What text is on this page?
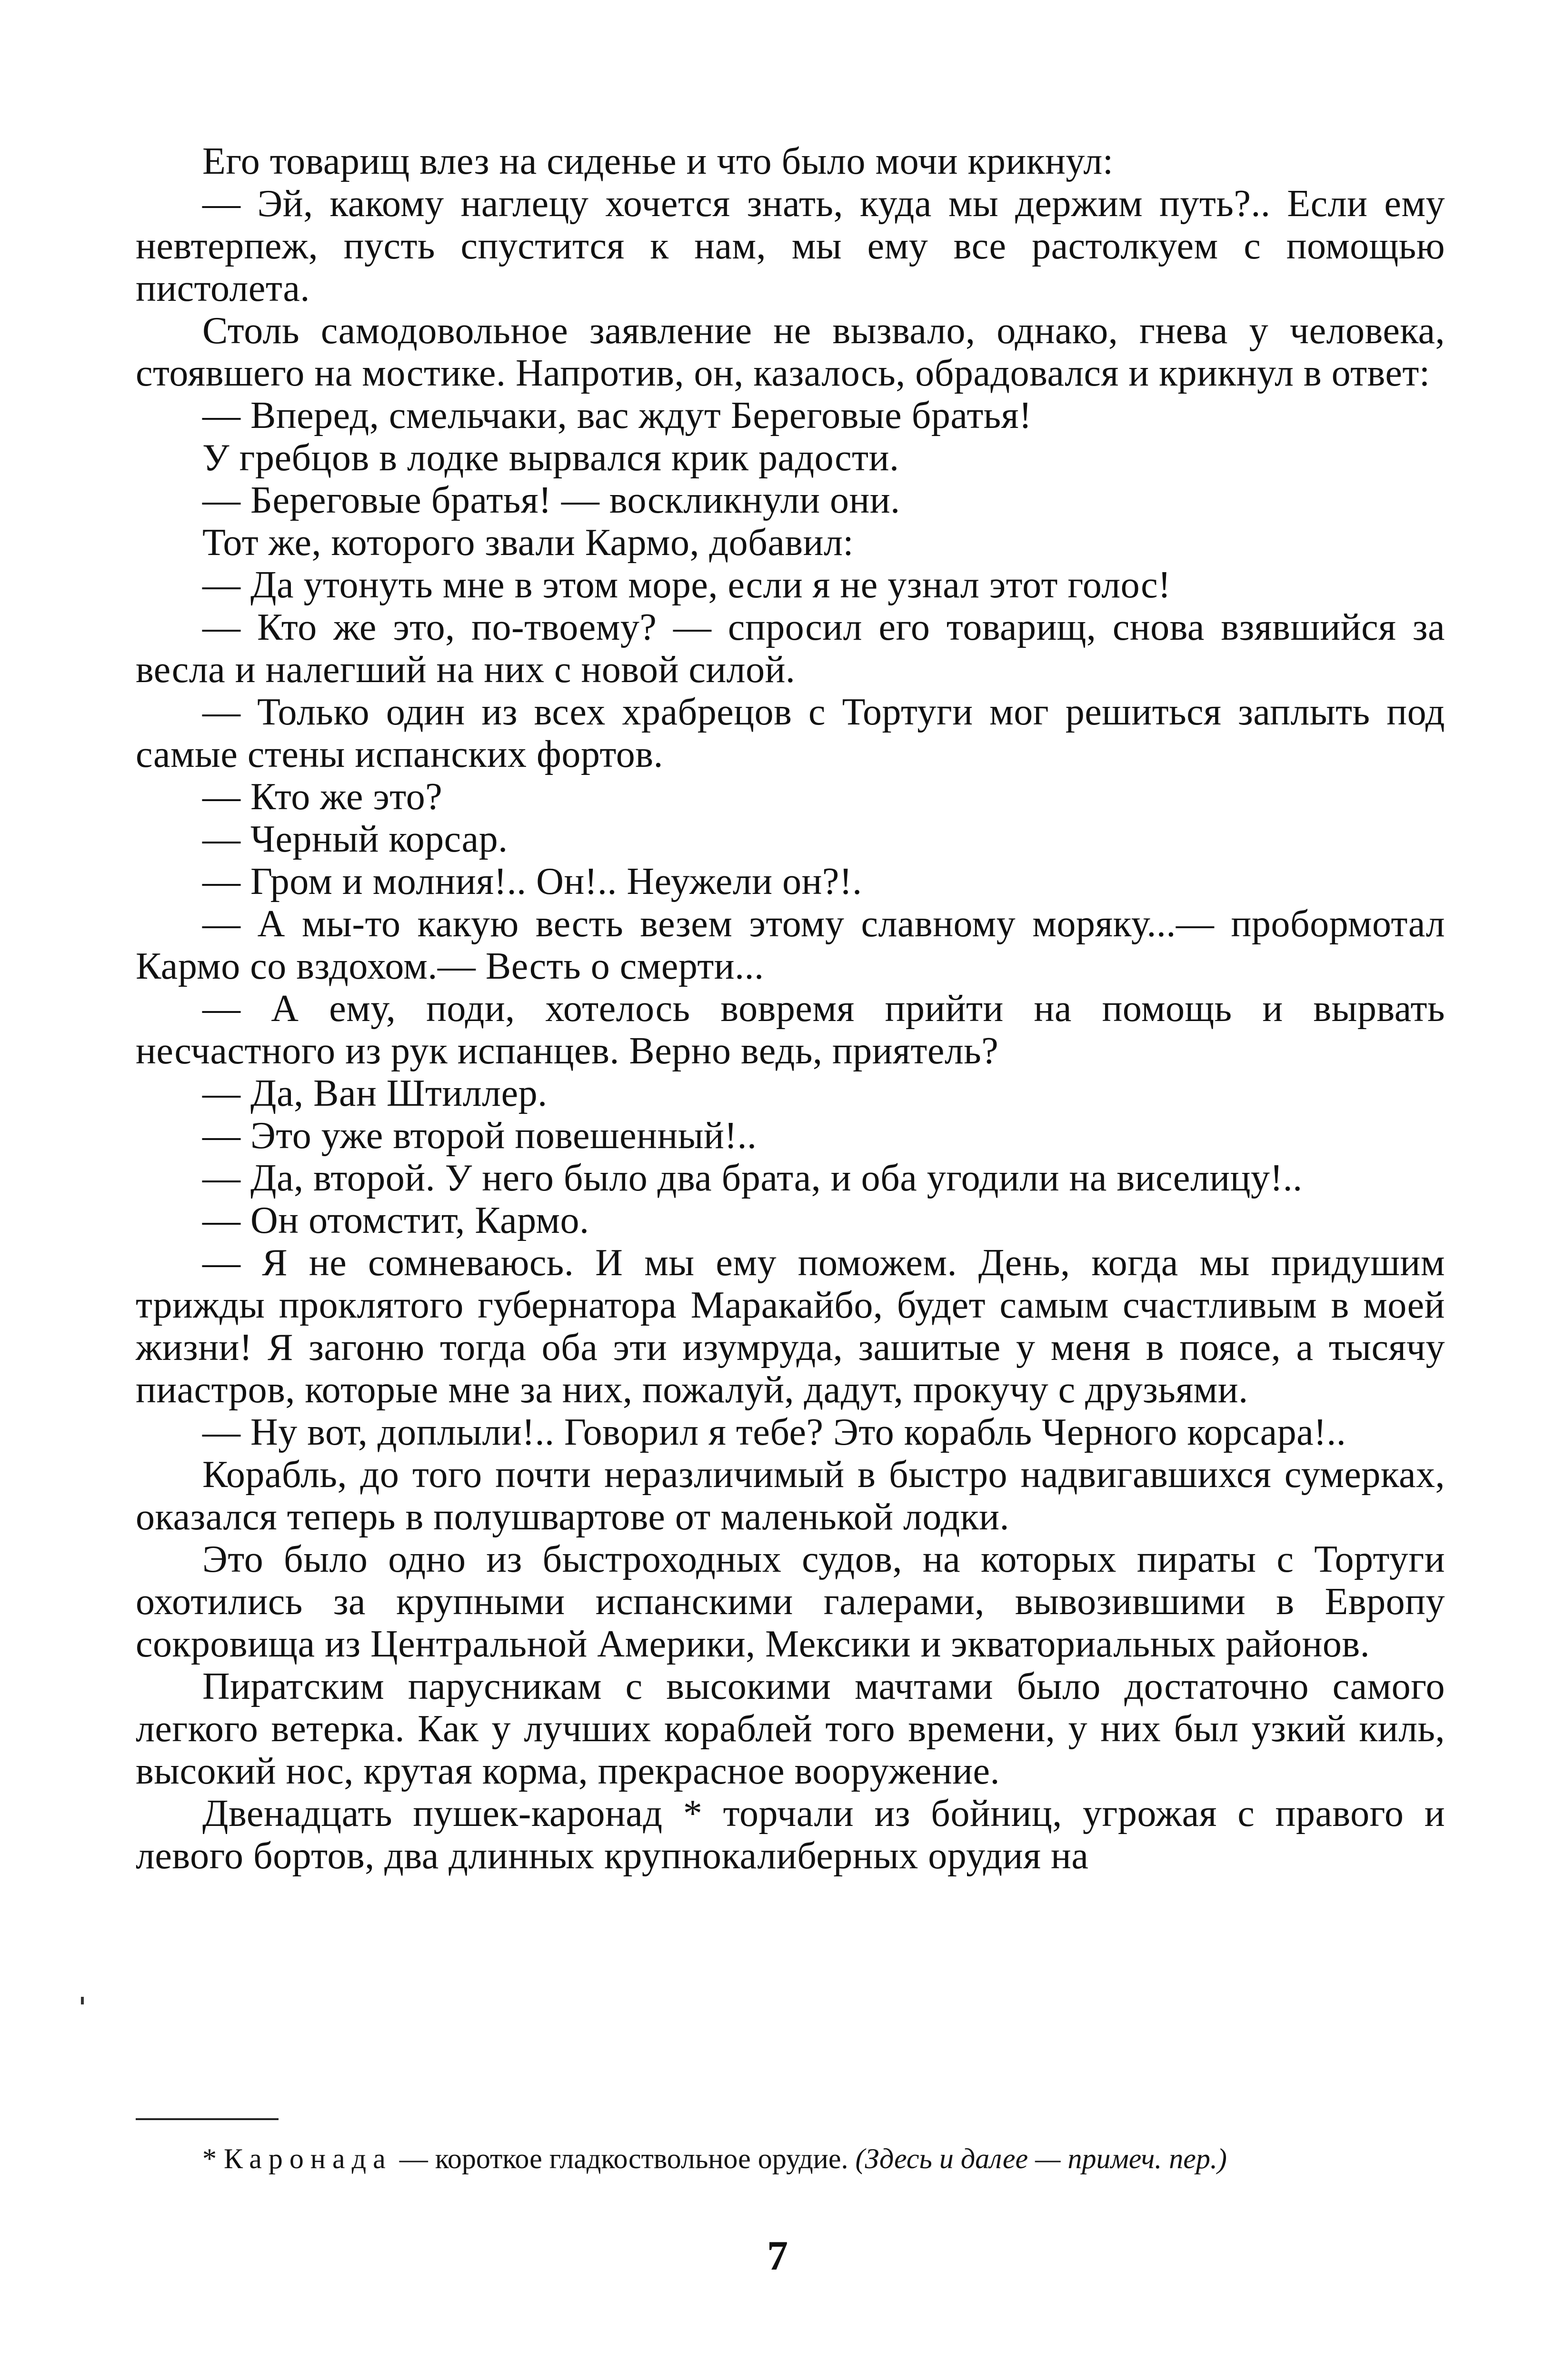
Его товарищ влез на сиденье и что было мочи крикнул:

— Эй, какому наглецу хочется знать, куда мы держим путь?.. Если ему невтерпеж, пусть спустится к нам, мы ему все растолкуем с помощью пистолета.

Столь самодовольное заявление не вызвало, однако, гнева у человека, стоявшего на мостике. Напротив, он, казалось, обрадовался и крикнул в ответ:

— Вперед, смельчаки, вас ждут Береговые братья!

У гребцов в лодке вырвался крик радости.

— Береговые братья! — воскликнули они.

Тот же, которого звали Кармо, добавил:

— Да утонуть мне в этом море, если я не узнал этот голос!

— Кто же это, по-твоему? — спросил его товарищ, снова взявшийся за весла и налегший на них с новой силой.

— Только один из всех храбрецов с Тортуги мог решиться заплыть под самые стены испанских фортов.

— Кто же это?

— Черный корсар.

— Гром и молния!.. Он!.. Неужели он?!.

— А мы-то какую весть везем этому славному моряку...— пробормотал Кармо со вздохом.— Весть о смерти...

— А ему, поди, хотелось вовремя прийти на помощь и вырвать несчастного из рук испанцев. Верно ведь, приятель?

— Да, Ван Штиллер.

— Это уже второй повешенный!..

— Да, второй. У него было два брата, и оба угодили на виселицу!..

— Он отомстит, Кармо.

— Я не сомневаюсь. И мы ему поможем. День, когда мы придушим трижды проклятого губернатора Маракайбо, будет самым счастливым в моей жизни! Я загоню тогда оба эти изумруда, зашитые у меня в поясе, а тысячу пиастров, которые мне за них, пожалуй, дадут, прокучу с друзьями.

— Ну вот, доплыли!.. Говорил я тебе? Это корабль Черного корсара!..

Корабль, до того почти неразличимый в быстро надвигавшихся сумерках, оказался теперь в полушвартове от маленькой лодки.

Это было одно из быстроходных судов, на которых пираты с Тортуги охотились за крупными испанскими галерами, вывозившими в Европу сокровища из Центральной Америки, Мексики и экваториальных районов.

Пиратским парусникам с высокими мачтами было достаточно самого легкого ветерка. Как у лучших кораблей того времени, у них был узкий киль, высокий нос, крутая корма, прекрасное вооружение.

Двенадцать пушек-каронад * торчали из бойниц, угрожая с правого и левого бортов, два длинных крупнокалиберных орудия на

* Каронада — короткое гладкоствольное орудие. (Здесь и далее — примеч. пер.)

7
